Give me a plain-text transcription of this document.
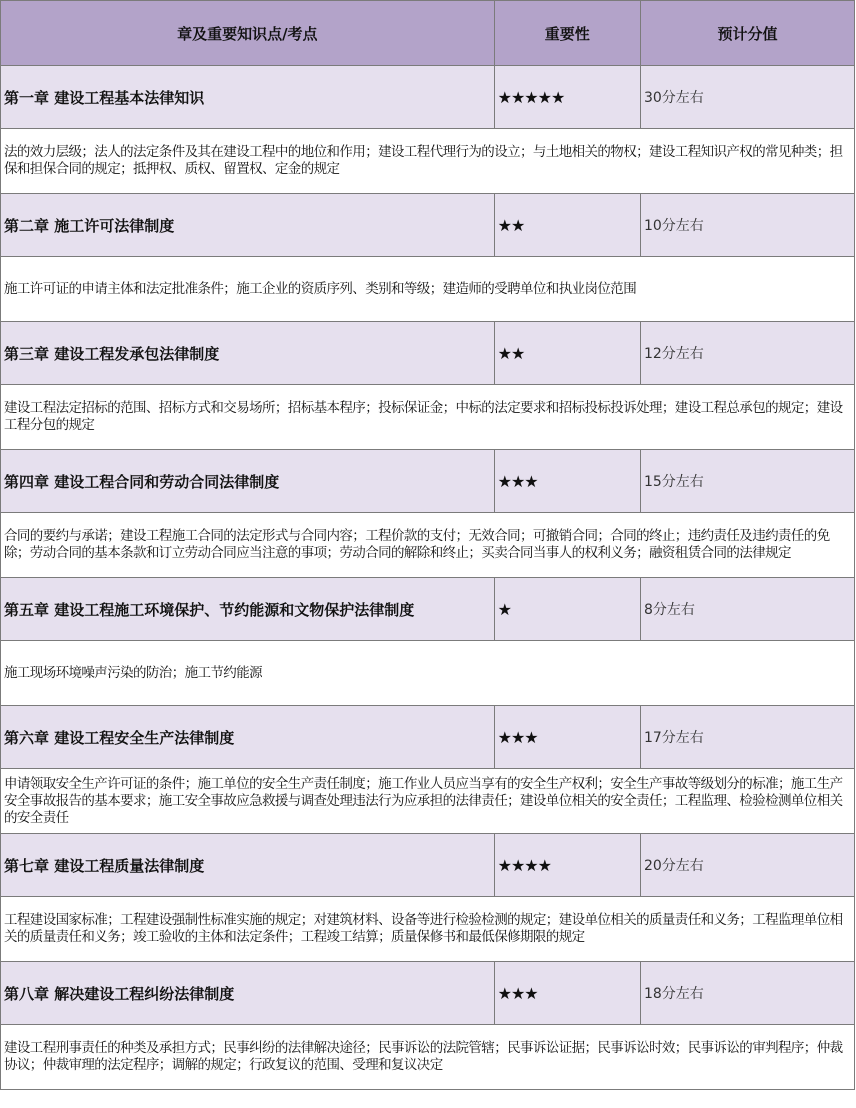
章及重要知识点/考点	重要性	预计分值
第一章 建设工程基本法律知识	★★★★★	30分左右
法的效力层级；法人的法定条件及其在建设工程中的地位和作用；建设工程代理行为的设立；与土地相关的物权；建设工程知识产权的常见种类；担保和担保合同的规定；抵押权、质权、留置权、定金的规定		
第二章 施工许可法律制度	★★	10分左右
施工许可证的申请主体和法定批准条件；施工企业的资质序列、类别和等级；建造师的受聘单位和执业岗位范围		
第三章 建设工程发承包法律制度	★★	12分左右
建设工程法定招标的范围、招标方式和交易场所；招标基本程序；投标保证金；中标的法定要求和招标投标投诉处理；建设工程总承包的规定；建设工程分包的规定		
第四章 建设工程合同和劳动合同法律制度	★★★	15分左右
合同的要约与承诺；建设工程施工合同的法定形式与合同内容；工程价款的支付；无效合同；可撤销合同；合同的终止；违约责任及违约责任的免除；劳动合同的基本条款和订立劳动合同应当注意的事项；劳动合同的解除和终止；买卖合同当事人的权利义务；融资租赁合同的法律规定		
第五章 建设工程施工环境保护、节约能源和文物保护法律制度	★	8分左右
施工现场环境噪声污染的防治；施工节约能源		
第六章 建设工程安全生产法律制度	★★★	17分左右
申请领取安全生产许可证的条件；施工单位的安全生产责任制度；施工作业人员应当享有的安全生产权利；安全生产事故等级划分的标准；施工生产安全事故报告的基本要求；施工安全事故应急救援与调查处理违法行为应承担的法律责任；建设单位相关的安全责任；工程监理、检验检测单位相关的安全责任		
第七章 建设工程质量法律制度	★★★★	20分左右
工程建设国家标准；工程建设强制性标准实施的规定；对建筑材料、设备等进行检验检测的规定；建设单位相关的质量责任和义务；工程监理单位相关的质量责任和义务；竣工验收的主体和法定条件；工程竣工结算；质量保修书和最低保修期限的规定		
第八章 解决建设工程纠纷法律制度	★★★	18分左右
建设工程刑事责任的种类及承担方式；民事纠纷的法律解决途径；民事诉讼的法院管辖；民事诉讼证据；民事诉讼时效；民事诉讼的审判程序；仲裁协议；仲裁审理的法定程序；调解的规定；行政复议的范围、受理和复议决定		
